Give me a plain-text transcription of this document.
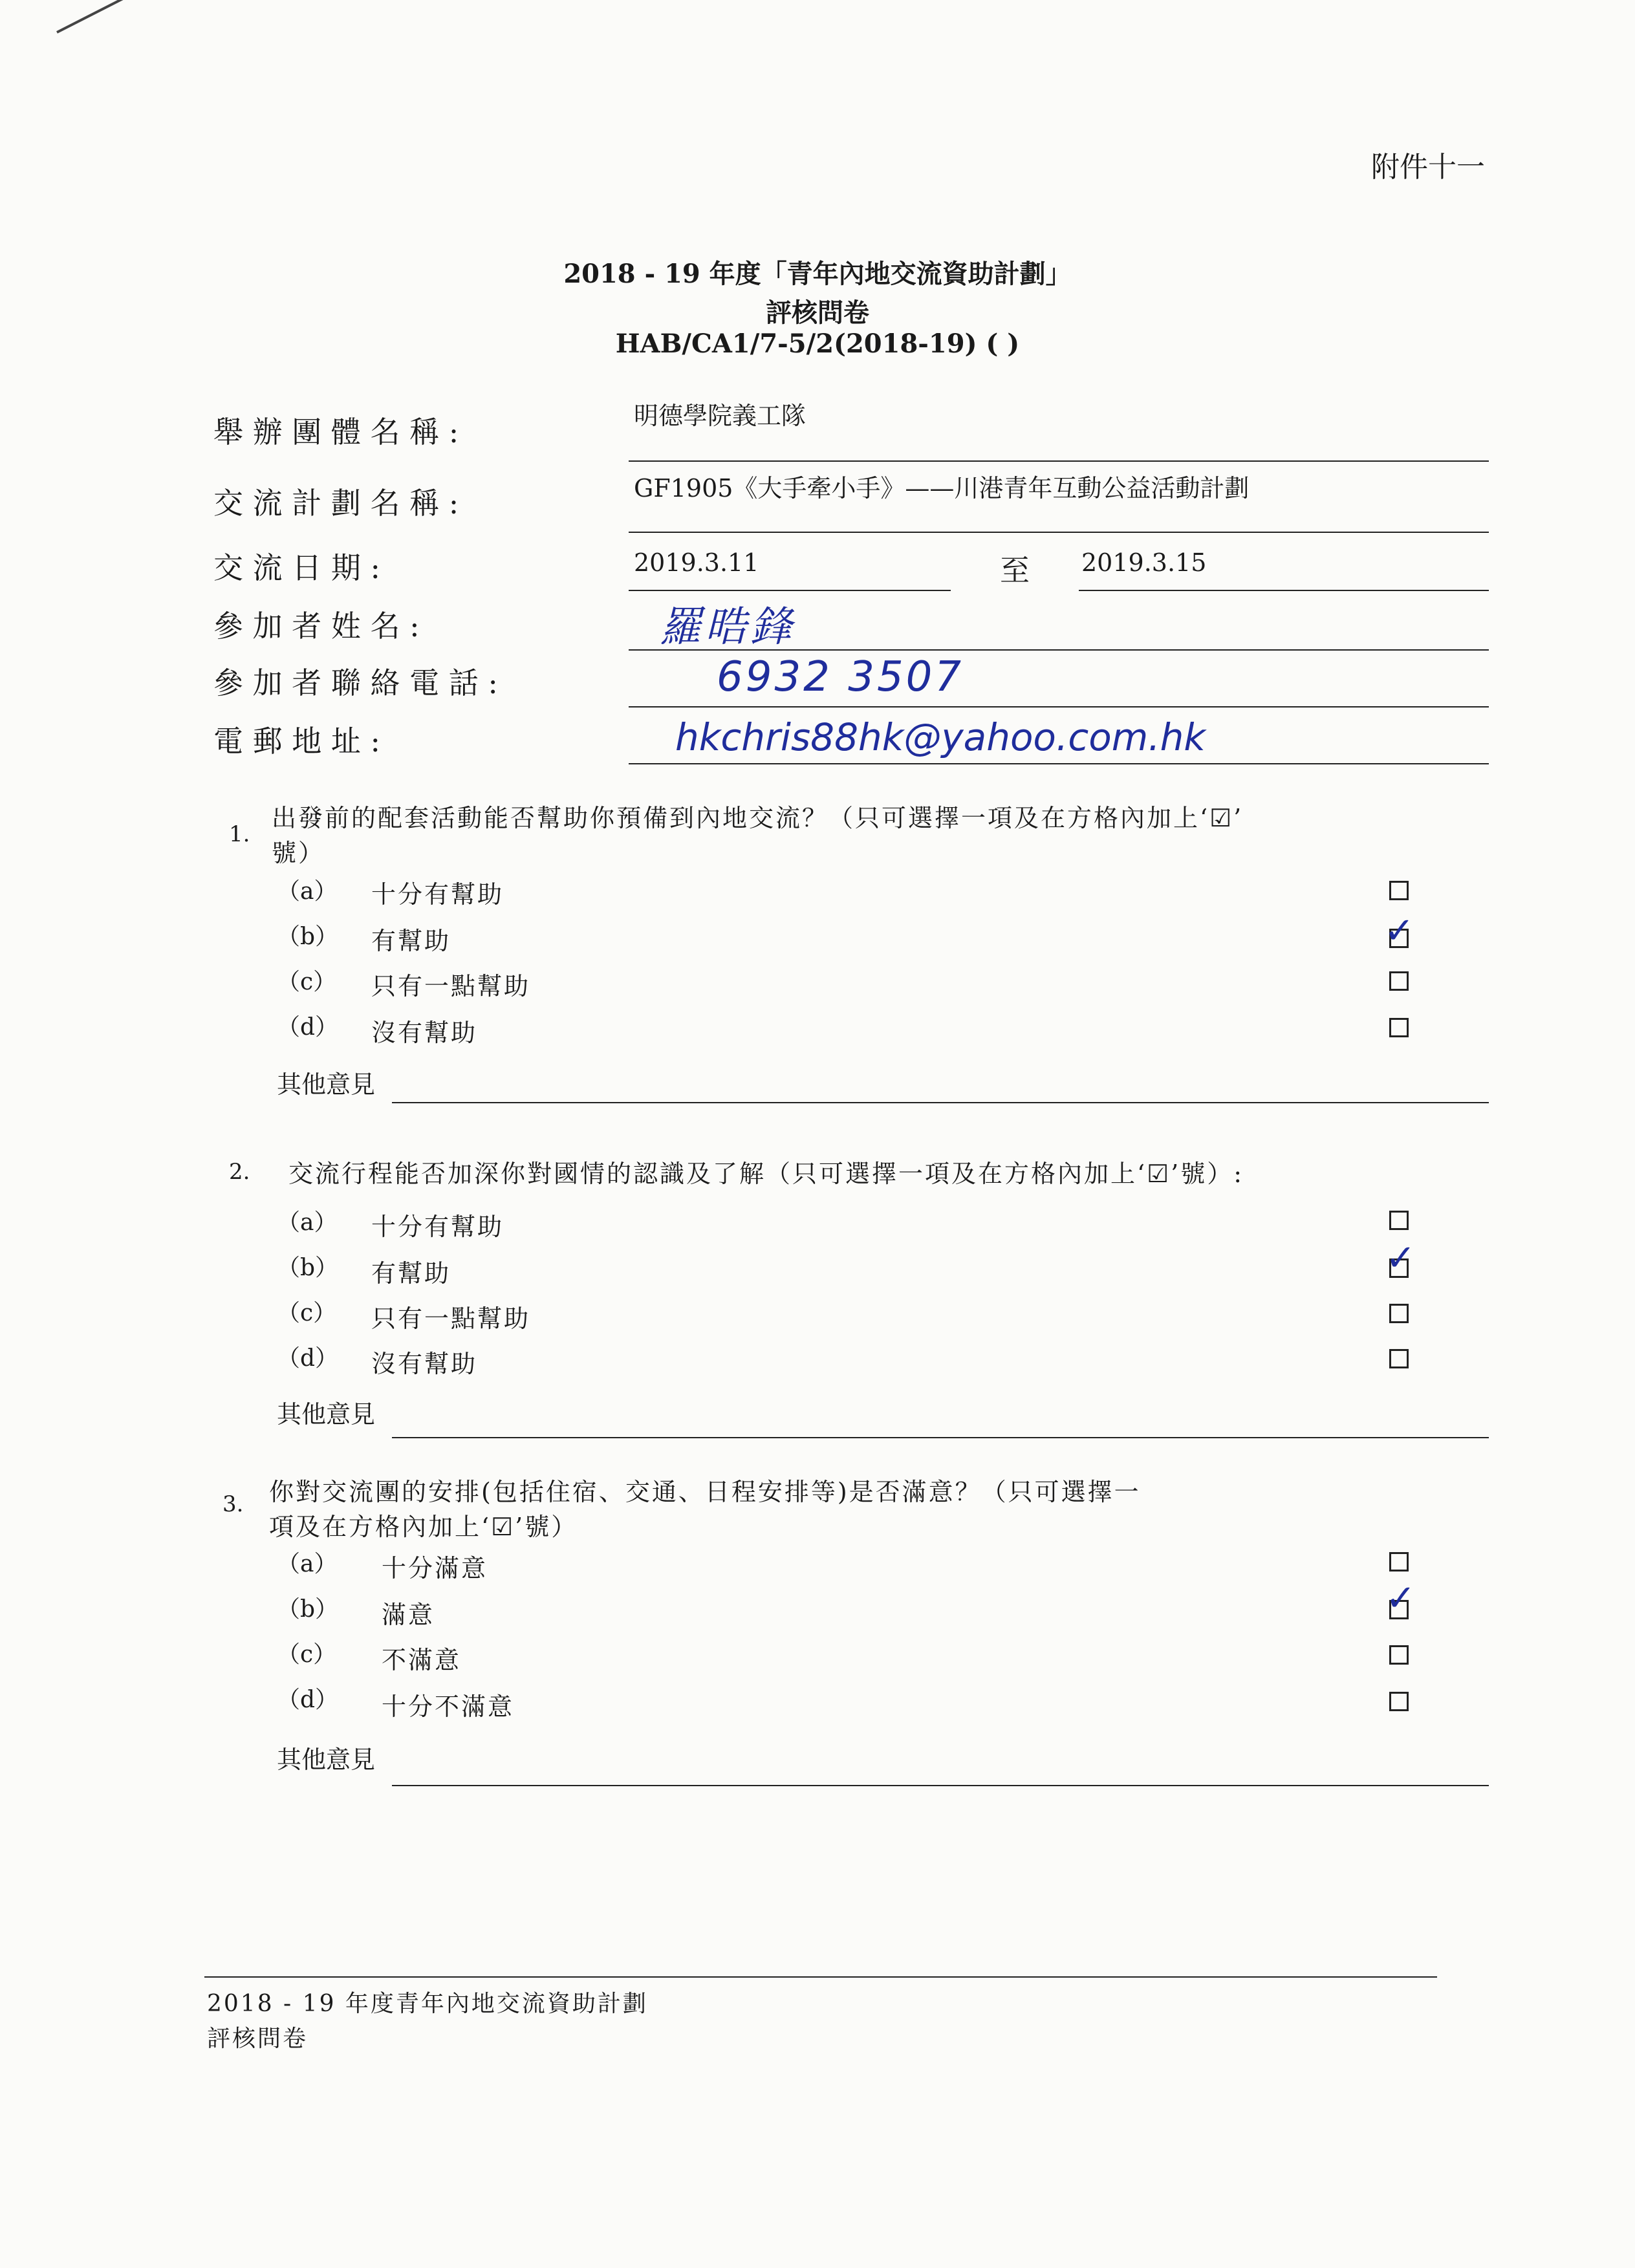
附件十一
2018 - 19 年度「青年內地交流資助計劃」
評核問卷
HAB/CA1/7-5/2(2018-19) ( )
舉 辦 團 體 名 稱 :	明德學院義工隊
交 流 計 劃 名 稱 :	GF1905《大手牽小手》——川港青年互動公益活動計劃
交 流 日 期 :	2019.3.11	至 2019.3.15
參 加 者 姓 名 :	羅晧鋒
參 加 者 聯 絡 電 話 :	6932 3507
電 郵 地 址 :	hkchris88hk@yahoo.com.hk
1.
出發前的配套活動能否幫助你預備到內地交流？（只可選擇一項及在方格內加上‘☑’
號）
（a） 十分有幫助
（b） 有幫助	✓
（c） 只有一點幫助
（d） 沒有幫助
其他意見
2. 交流行程能否加深你對國情的認識及了解（只可選擇一項及在方格內加上‘☑’號）:
（a） 十分有幫助
（b） 有幫助	✓
（c） 只有一點幫助
（d） 沒有幫助
其他意見
3. 你對交流團的安排(包括住宿、交通、日程安排等)是否滿意？（只可選擇一
項及在方格內加上‘☑’號）
（a） 十分滿意
（b） 滿意	✓
（c） 不滿意
（d） 十分不滿意
其他意見
2018 - 19 年度青年內地交流資助計劃
評核問卷
